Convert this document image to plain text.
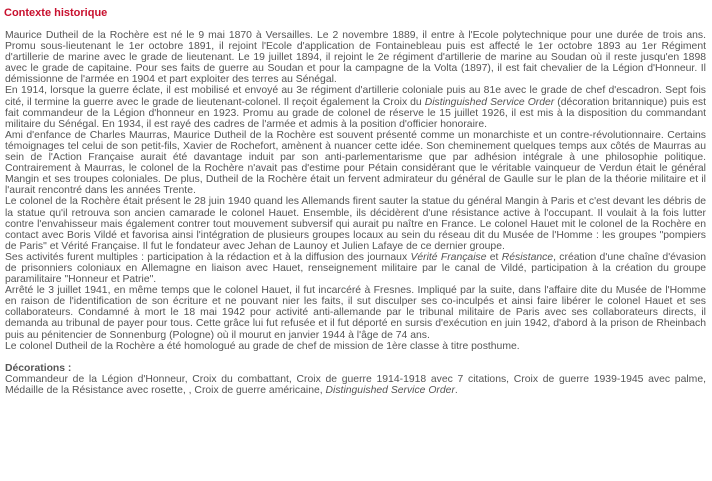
Contexte historique

Maurice Dutheil de la Rochère est né le 9 mai 1870 à Versailles. Le 2 novembre 1889, il entre à l'Ecole polytechnique pour une durée de trois ans. Promu sous-lieutenant le 1er octobre 1891, il rejoint l'Ecole d'application de Fontainebleau puis est affecté le 1er octobre 1893 au 1er Régiment d'artillerie de marine avec le grade de lieutenant. Le 19 juillet 1894, il rejoint le 2e régiment d'artillerie de marine au Soudan où il reste jusqu'en 1898 avec le grade de capitaine. Pour ses faits de guerre au Soudan et pour la campagne de la Volta (1897), il est fait chevalier de la Légion d'Honneur. Il démissionne de l'armée en 1904 et part exploiter des terres au Sénégal.

En 1914, lorsque la guerre éclate, il est mobilisé et envoyé au 3e régiment d'artillerie coloniale puis au 81e avec le grade de chef d'escadron. Sept fois cité, il termine la guerre avec le grade de lieutenant-colonel. Il reçoit également la Croix du Distinguished Service Order (décoration britannique) puis est fait commandeur de la Légion d'honneur en 1923. Promu au grade de colonel de réserve le 15 juillet 1926, il est mis à la disposition du commandant militaire du Sénégal. En 1934, il est rayé des cadres de l'armée et admis à la position d'officier honoraire.

Ami d'enfance de Charles Maurras, Maurice Dutheil de la Rochère est souvent présenté comme un monarchiste et un contre-révolutionnaire. Certains témoignages tel celui de son petit-fils, Xavier de Rochefort, amènent à nuancer cette idée. Son cheminement quelques temps aux côtés de Maurras au sein de l'Action Française aurait été davantage induit par son anti-parlementarisme que par adhésion intégrale à une philosophie politique. Contrairement à Maurras, le colonel de la Rochère n'avait pas d'estime pour Pétain considérant que le véritable vainqueur de Verdun était le général Mangin et ses troupes coloniales. De plus, Dutheil de la Rochère était un fervent admirateur du général de Gaulle sur le plan de la théorie militaire et il l'aurait rencontré dans les années Trente.

Le colonel de la Rochère était présent le 28 juin 1940 quand les Allemands firent sauter la statue du général Mangin à Paris et c'est devant les débris de la statue qu'il retrouva son ancien camarade le colonel Hauet. Ensemble, ils décidèrent d'une résistance active à l'occupant. Il voulait à la fois lutter contre l'envahisseur mais également contrer tout mouvement subversif qui aurait pu naître en France. Le colonel Hauet mit le colonel de la Rochère en contact avec Boris Vildé et favorisa ainsi l'intégration de plusieurs groupes locaux au sein du réseau dit du Musée de l'Homme : les groupes "pompiers de Paris" et Vérité Française. Il fut le fondateur avec Jehan de Launoy et Julien Lafaye de ce dernier groupe.

Ses activités furent multiples : participation à la rédaction et à la diffusion des journaux Vérité Française et Résistance, création d'une chaîne d'évasion de prisonniers coloniaux en Allemagne en liaison avec Hauet, renseignement militaire par le canal de Vildé, participation à la création du groupe paramilitaire "Honneur et Patrie".

Arrêté le 3 juillet 1941, en même temps que le colonel Hauet, il fut incarcéré à Fresnes. Impliqué par la suite, dans l'affaire dite du Musée de l'Homme en raison de l'identification de son écriture et ne pouvant nier les faits, il sut disculper ses co-inculpés et ainsi faire libérer le colonel Hauet et ses collaborateurs. Condamné à mort le 18 mai 1942 pour activité anti-allemande par le tribunal militaire de Paris avec ses collaborateurs directs, il demanda au tribunal de payer pour tous. Cette grâce lui fut refusée et il fut déporté en sursis d'exécution en juin 1942, d'abord à la prison de Rheinbach puis au pénitencier de Sonnenburg (Pologne) où il mourut en janvier 1944 à l'âge de 74 ans.

Le colonel Dutheil de la Rochère a été homologué au grade de chef de mission de 1ère classe à titre posthume.

Décorations :

Commandeur de la Légion d'Honneur, Croix du combattant, Croix de guerre 1914-1918 avec 7 citations, Croix de guerre 1939-1945 avec palme, Médaille de la Résistance avec rosette, , Croix de guerre américaine, Distinguished Service Order.
